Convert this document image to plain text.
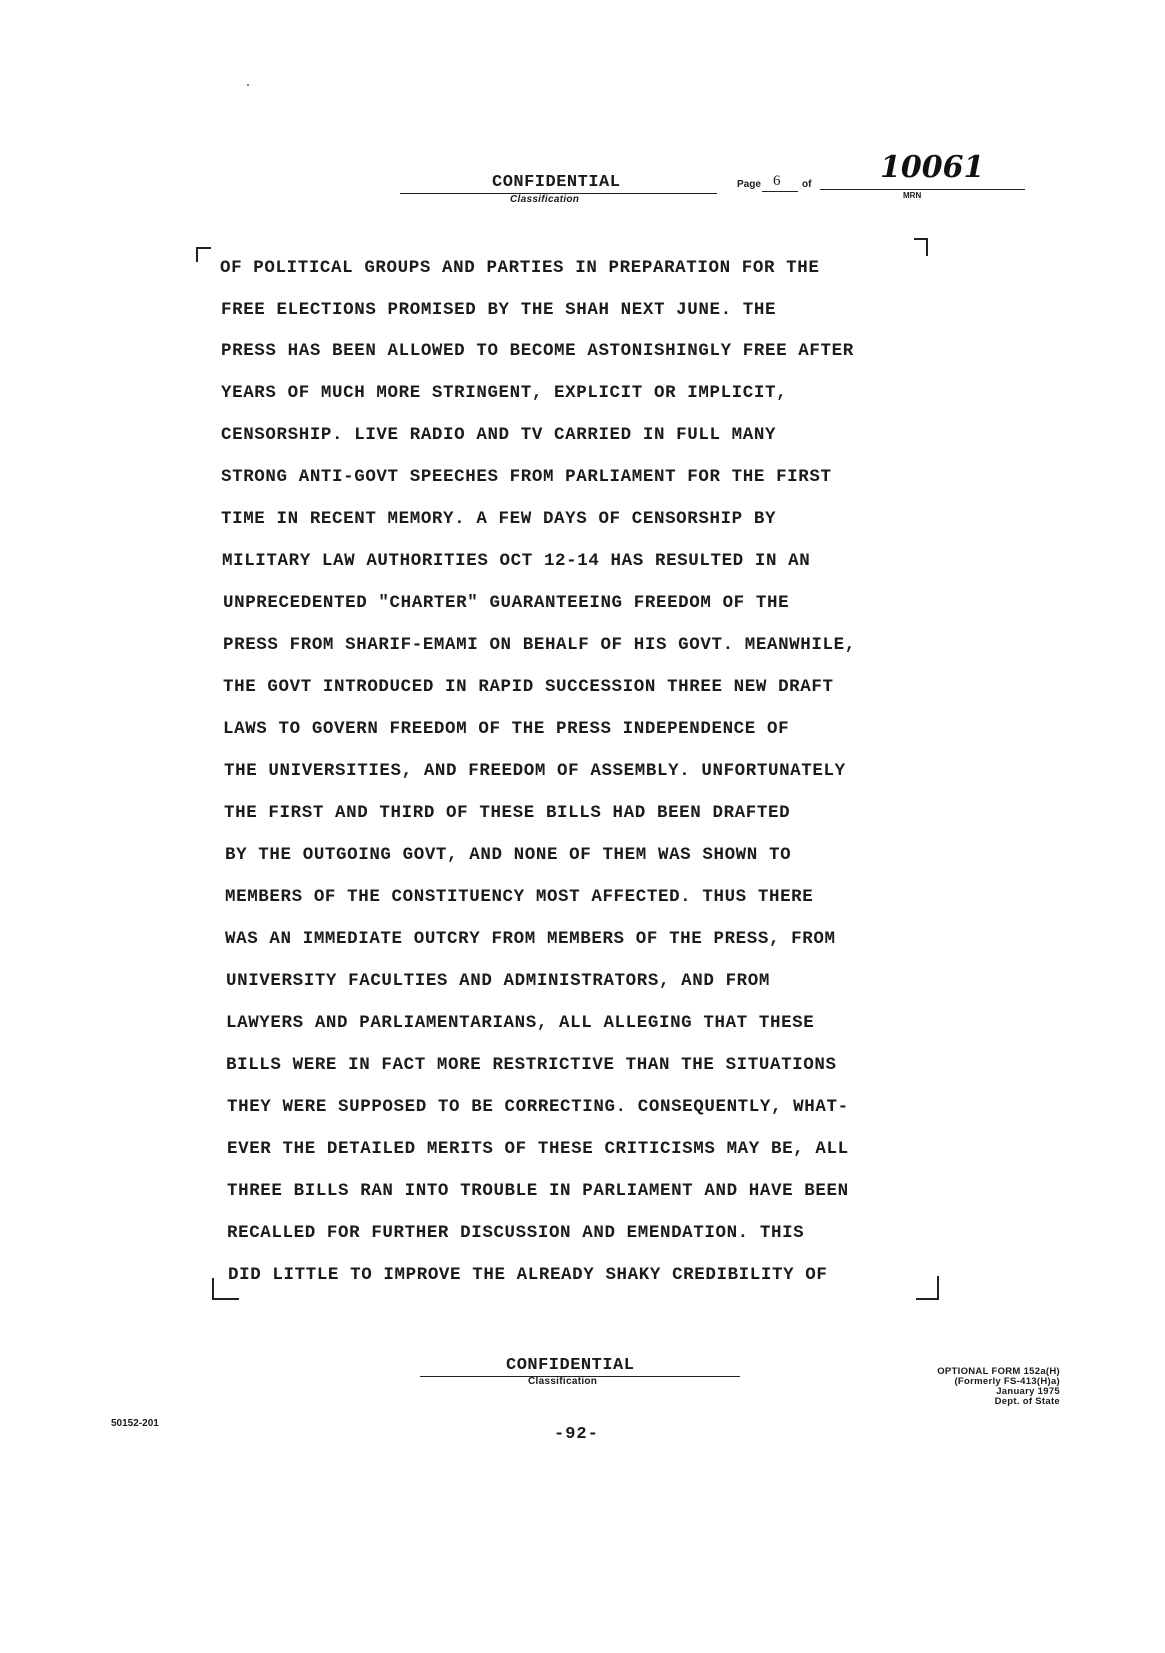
CONFIDENTIAL
Classification
Page 6 of 10061
MRN
OF POLITICAL GROUPS AND PARTIES IN PREPARATION FOR THE
FREE ELECTIONS PROMISED BY THE SHAH NEXT JUNE. THE
PRESS HAS BEEN ALLOWED TO BECOME ASTONISHINGLY FREE AFTER
YEARS OF MUCH MORE STRINGENT, EXPLICIT OR IMPLICIT,
CENSORSHIP. LIVE RADIO AND TV CARRIED IN FULL MANY
STRONG ANTI-GOVT SPEECHES FROM PARLIAMENT FOR THE FIRST
TIME IN RECENT MEMORY. A FEW DAYS OF CENSORSHIP BY
MILITARY LAW AUTHORITIES OCT 12-14 HAS RESULTED IN AN
UNPRECEDENTED "CHARTER" GUARANTEEING FREEDOM OF THE
PRESS FROM SHARIF-EMAMI ON BEHALF OF HIS GOVT. MEANWHILE,
THE GOVT INTRODUCED IN RAPID SUCCESSION THREE NEW DRAFT
LAWS TO GOVERN FREEDOM OF THE PRESS INDEPENDENCE OF
THE UNIVERSITIES, AND FREEDOM OF ASSEMBLY. UNFORTUNATELY
THE FIRST AND THIRD OF THESE BILLS HAD BEEN DRAFTED
BY THE OUTGOING GOVT, AND NONE OF THEM WAS SHOWN TO
MEMBERS OF THE CONSTITUENCY MOST AFFECTED. THUS THERE
WAS AN IMMEDIATE OUTCRY FROM MEMBERS OF THE PRESS, FROM
UNIVERSITY FACULTIES AND ADMINISTRATORS, AND FROM
LAWYERS AND PARLIAMENTARIANS, ALL ALLEGING THAT THESE
BILLS WERE IN FACT MORE RESTRICTIVE THAN THE SITUATIONS
THEY WERE SUPPOSED TO BE CORRECTING. CONSEQUENTLY, WHAT-
EVER THE DETAILED MERITS OF THESE CRITICISMS MAY BE, ALL
THREE BILLS RAN INTO TROUBLE IN PARLIAMENT AND HAVE BEEN
RECALLED FOR FURTHER DISCUSSION AND EMENDATION. THIS
DID LITTLE TO IMPROVE THE ALREADY SHAKY CREDIBILITY OF
CONFIDENTIAL
Classification
OPTIONAL FORM 152a(H)
(Formerly FS-413(H)a)
January 1975
Dept. of State
50152-201
-92-
